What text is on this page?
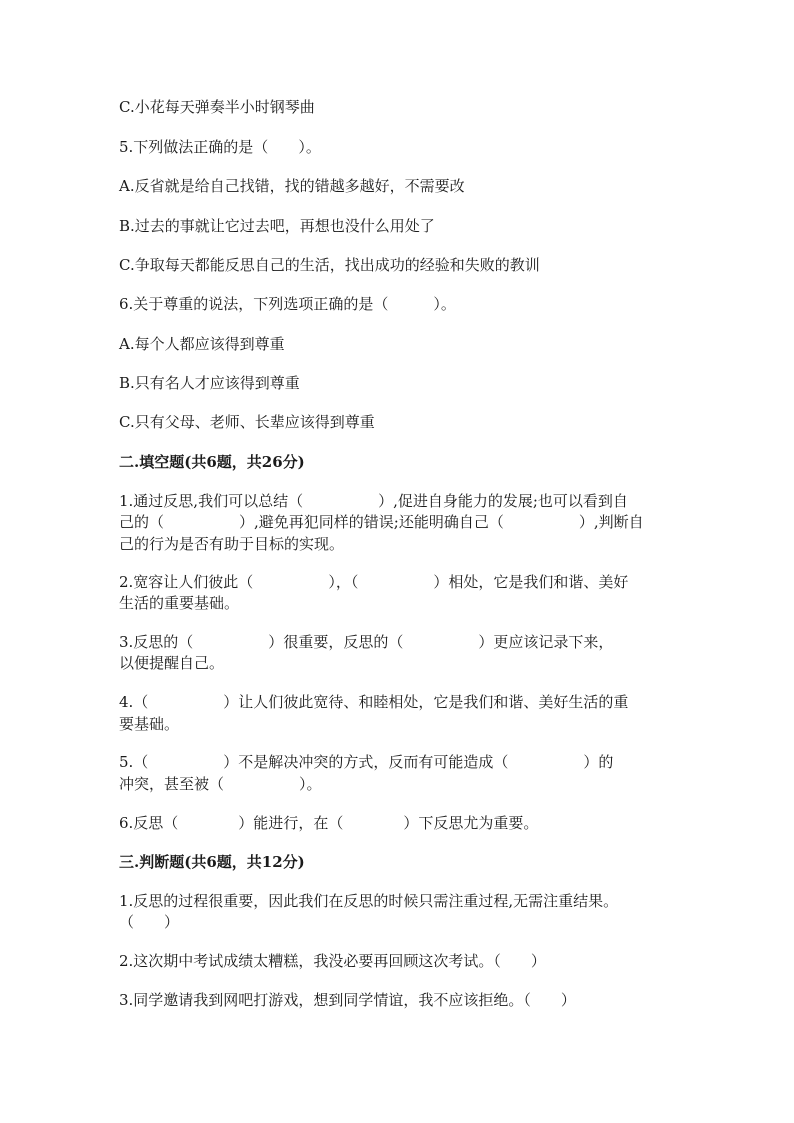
C.小花每天弹奏半小时钢琴曲
5.下列做法正确的是（　　）。
A.反省就是给自己找错，找的错越多越好，不需要改
B.过去的事就让它过去吧，再想也没什么用处了
C.争取每天都能反思自己的生活，找出成功的经验和失败的教训
6.关于尊重的说法，下列选项正确的是（　　　）。
A.每个人都应该得到尊重
B.只有名人才应该得到尊重
C.只有父母、老师、长辈应该得到尊重
二.填空题(共6题，共26分)
1.通过反思,我们可以总结（　　　　　）,促进自身能力的发展;也可以看到自
己的（　　　　　）,避免再犯同样的错误;还能明确自己（　　　　　）,判断自
己的行为是否有助于目标的实现。
2.宽容让人们彼此（　　　　　），（　　　　　）相处，它是我们和谐、美好
生活的重要基础。
3.反思的（　　　　　）很重要，反思的（　　　　　）更应该记录下来，
以便提醒自己。
4.（　　　　　）让人们彼此宽待、和睦相处，它是我们和谐、美好生活的重
要基础。
5.（　　　　　）不是解决冲突的方式，反而有可能造成（　　　　　）的
冲突，甚至被（　　　　　）。
6.反思（　　　　）能进行，在（　　　　）下反思尤为重要。
三.判断题(共6题，共12分)
1.反思的过程很重要，因此我们在反思的时候只需注重过程,无需注重结果。
（　　）
2.这次期中考试成绩太糟糕，我没必要再回顾这次考试。（　　）
3.同学邀请我到网吧打游戏，想到同学情谊，我不应该拒绝。（　　）
